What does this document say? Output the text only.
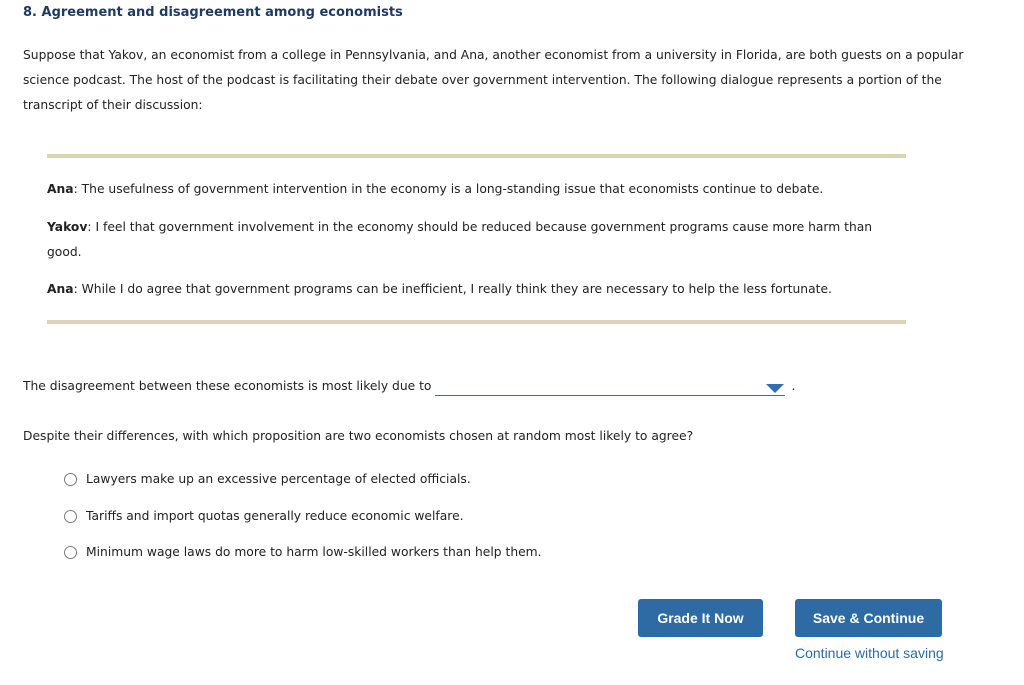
8. Agreement and disagreement among economists

Suppose that Yakov, an economist from a college in Pennsylvania, and Ana, another economist from a university in Florida, are both guests on a popular science podcast. The host of the podcast is facilitating their debate over government intervention. The following dialogue represents a portion of the transcript of their discussion:

Ana: The usefulness of government intervention in the economy is a long-standing issue that economists continue to debate.

Yakov: I feel that government involvement in the economy should be reduced because government programs cause more harm than good.

Ana: While I do agree that government programs can be inefficient, I really think they are necessary to help the less fortunate.

The disagreement between these economists is most likely due to	.

Despite their differences, with which proposition are two economists chosen at random most likely to agree?

Lawyers make up an excessive percentage of elected officials.
Tariffs and import quotas generally reduce economic welfare.
Minimum wage laws do more to harm low-skilled workers than help them.
Grade It Now	Save & Continue
Continue without saving
